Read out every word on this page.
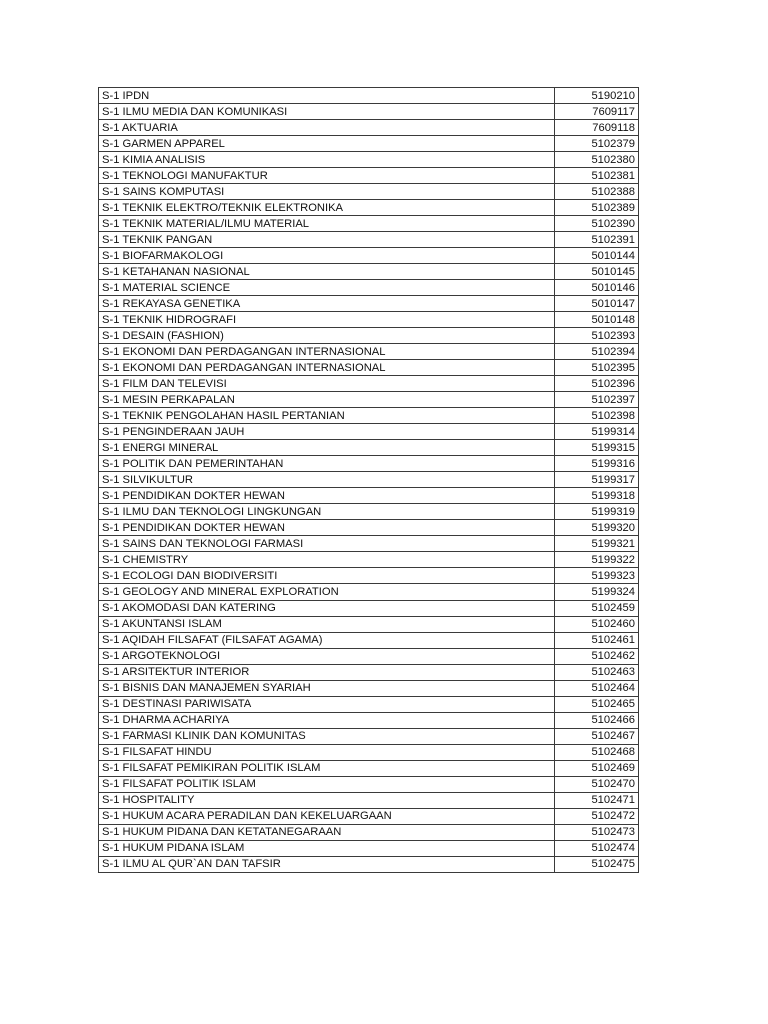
S-1 IPDN	5190210
S-1 ILMU MEDIA DAN KOMUNIKASI	7609117
S-1 AKTUARIA	7609118
S-1 GARMEN APPAREL	5102379
S-1 KIMIA ANALISIS	5102380
S-1 TEKNOLOGI MANUFAKTUR	5102381
S-1 SAINS KOMPUTASI	5102388
S-1 TEKNIK ELEKTRO/TEKNIK ELEKTRONIKA	5102389
S-1 TEKNIK MATERIAL/ILMU MATERIAL	5102390
S-1 TEKNIK PANGAN	5102391
S-1 BIOFARMAKOLOGI	5010144
S-1 KETAHANAN NASIONAL	5010145
S-1 MATERIAL SCIENCE	5010146
S-1 REKAYASA GENETIKA	5010147
S-1 TEKNIK HIDROGRAFI	5010148
S-1 DESAIN (FASHION)	5102393
S-1 EKONOMI DAN PERDAGANGAN INTERNASIONAL	5102394
S-1 EKONOMI DAN PERDAGANGAN INTERNASIONAL	5102395
S-1 FILM DAN TELEVISI	5102396
S-1 MESIN PERKAPALAN	5102397
S-1 TEKNIK PENGOLAHAN HASIL PERTANIAN	5102398
S-1 PENGINDERAAN JAUH	5199314
S-1 ENERGI MINERAL	5199315
S-1 POLITIK DAN PEMERINTAHAN	5199316
S-1 SILVIKULTUR	5199317
S-1 PENDIDIKAN DOKTER HEWAN	5199318
S-1 ILMU DAN TEKNOLOGI LINGKUNGAN	5199319
S-1 PENDIDIKAN DOKTER HEWAN	5199320
S-1 SAINS DAN TEKNOLOGI FARMASI	5199321
S-1 CHEMISTRY	5199322
S-1 ECOLOGI DAN BIODIVERSITI	5199323
S-1 GEOLOGY AND MINERAL EXPLORATION	5199324
S-1 AKOMODASI DAN KATERING	5102459
S-1 AKUNTANSI ISLAM	5102460
S-1 AQIDAH FILSAFAT (FILSAFAT AGAMA)	5102461
S-1 ARGOTEKNOLOGI	5102462
S-1 ARSITEKTUR INTERIOR	5102463
S-1 BISNIS DAN MANAJEMEN SYARIAH	5102464
S-1 DESTINASI PARIWISATA	5102465
S-1 DHARMA ACHARIYA	5102466
S-1 FARMASI KLINIK DAN KOMUNITAS	5102467
S-1 FILSAFAT HINDU	5102468
S-1 FILSAFAT PEMIKIRAN POLITIK ISLAM	5102469
S-1 FILSAFAT POLITIK ISLAM	5102470
S-1 HOSPITALITY	5102471
S-1 HUKUM ACARA PERADILAN DAN KEKELUARGAAN	5102472
S-1 HUKUM PIDANA DAN KETATANEGARAAN	5102473
S-1 HUKUM PIDANA ISLAM	5102474
S-1 ILMU AL QUR`AN DAN TAFSIR	5102475
